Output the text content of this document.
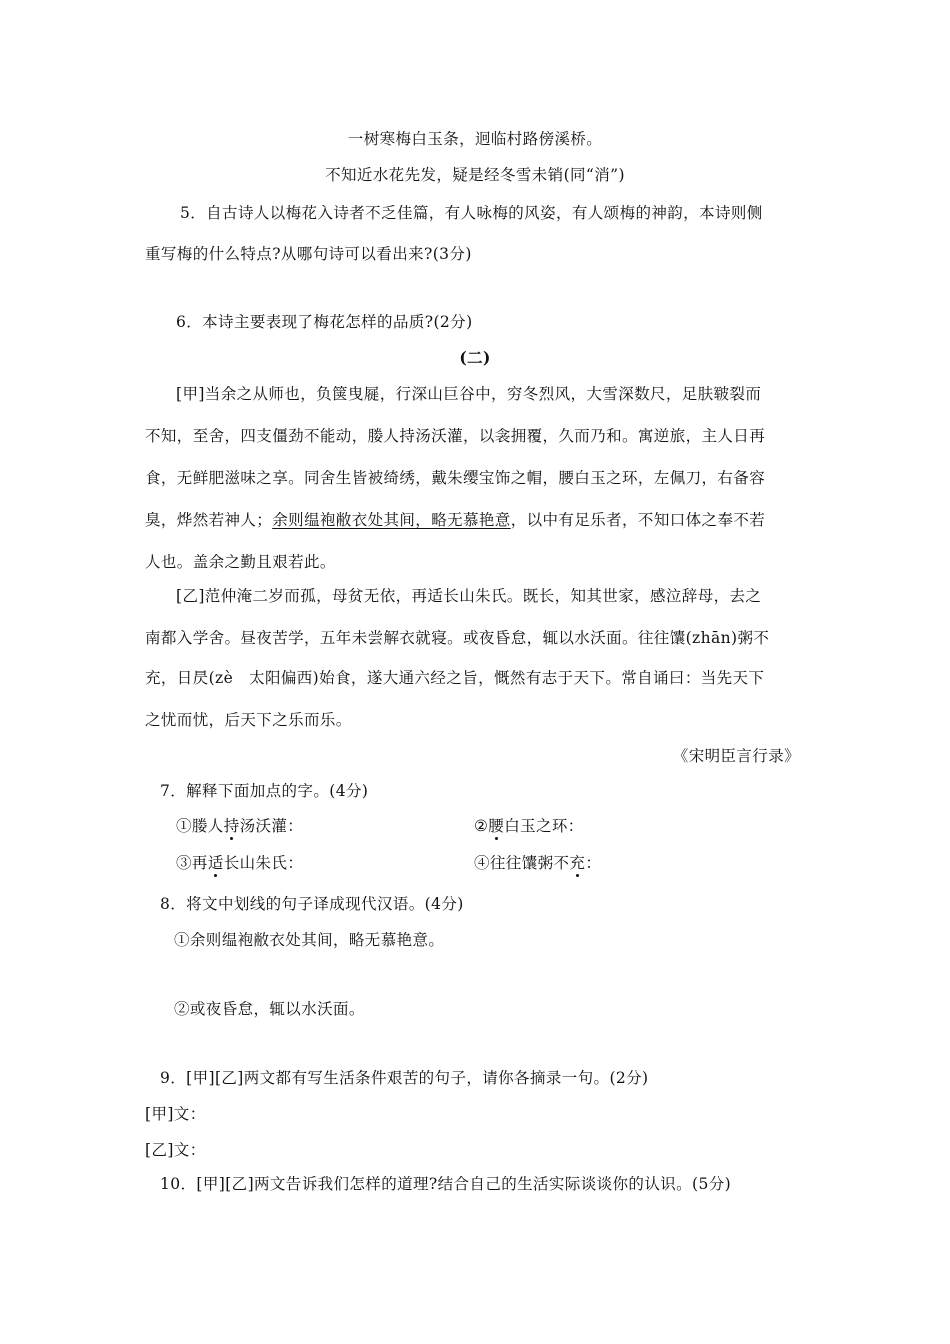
一树寒梅白玉条，迥临村路傍溪桥。
不知近水花先发，疑是经冬雪未销(同“消”)
5．自古诗人以梅花入诗者不乏佳篇，有人咏梅的风姿，有人颂梅的神韵，本诗则侧
重写梅的什么特点?从哪句诗可以看出来?(3分)
6．本诗主要表现了梅花怎样的品质?(2分)
(二)
[甲]当余之从师也，负箧曳屣，行深山巨谷中，穷冬烈风，大雪深数尺，足肤皲裂而
不知，至舍，四支僵劲不能动，媵人持汤沃灌，以衾拥覆，久而乃和。寓逆旅，主人日再
食，无鲜肥滋味之享。同舍生皆被绮绣，戴朱缨宝饰之帽，腰白玉之环，左佩刀，右备容
臭，烨然若神人；余则缊袍敝衣处其间，略无慕艳意，以中有足乐者，不知口体之奉不若
人也。盖余之勤且艰若此。
[乙]范仲淹二岁而孤，母贫无依，再适长山朱氏。既长，知其世家，感泣辞母，去之
南都入学舍。昼夜苦学，五年未尝解衣就寝。或夜昏怠，辄以水沃面。往往馕(zhān)粥不
充，日昃(zè　太阳偏西)始食，遂大通六经之旨，慨然有志于天下。常自诵曰：当先天下
之忧而忧，后天下之乐而乐。
《宋明臣言行录》
7．解释下面加点的字。(4分)
①媵人持汤沃灌：	②腰白玉之环：
③再适长山朱氏：	④往往馕粥不充：
8．将文中划线的句子译成现代汉语。(4分)
①余则缊袍敝衣处其间，略无慕艳意。
②或夜昏怠，辄以水沃面。
9．[甲][乙]两文都有写生活条件艰苦的句子，请你各摘录一句。(2分)
[甲]文：
[乙]文：
10．[甲][乙]两文告诉我们怎样的道理?结合自己的生活实际谈谈你的认识。(5分)
